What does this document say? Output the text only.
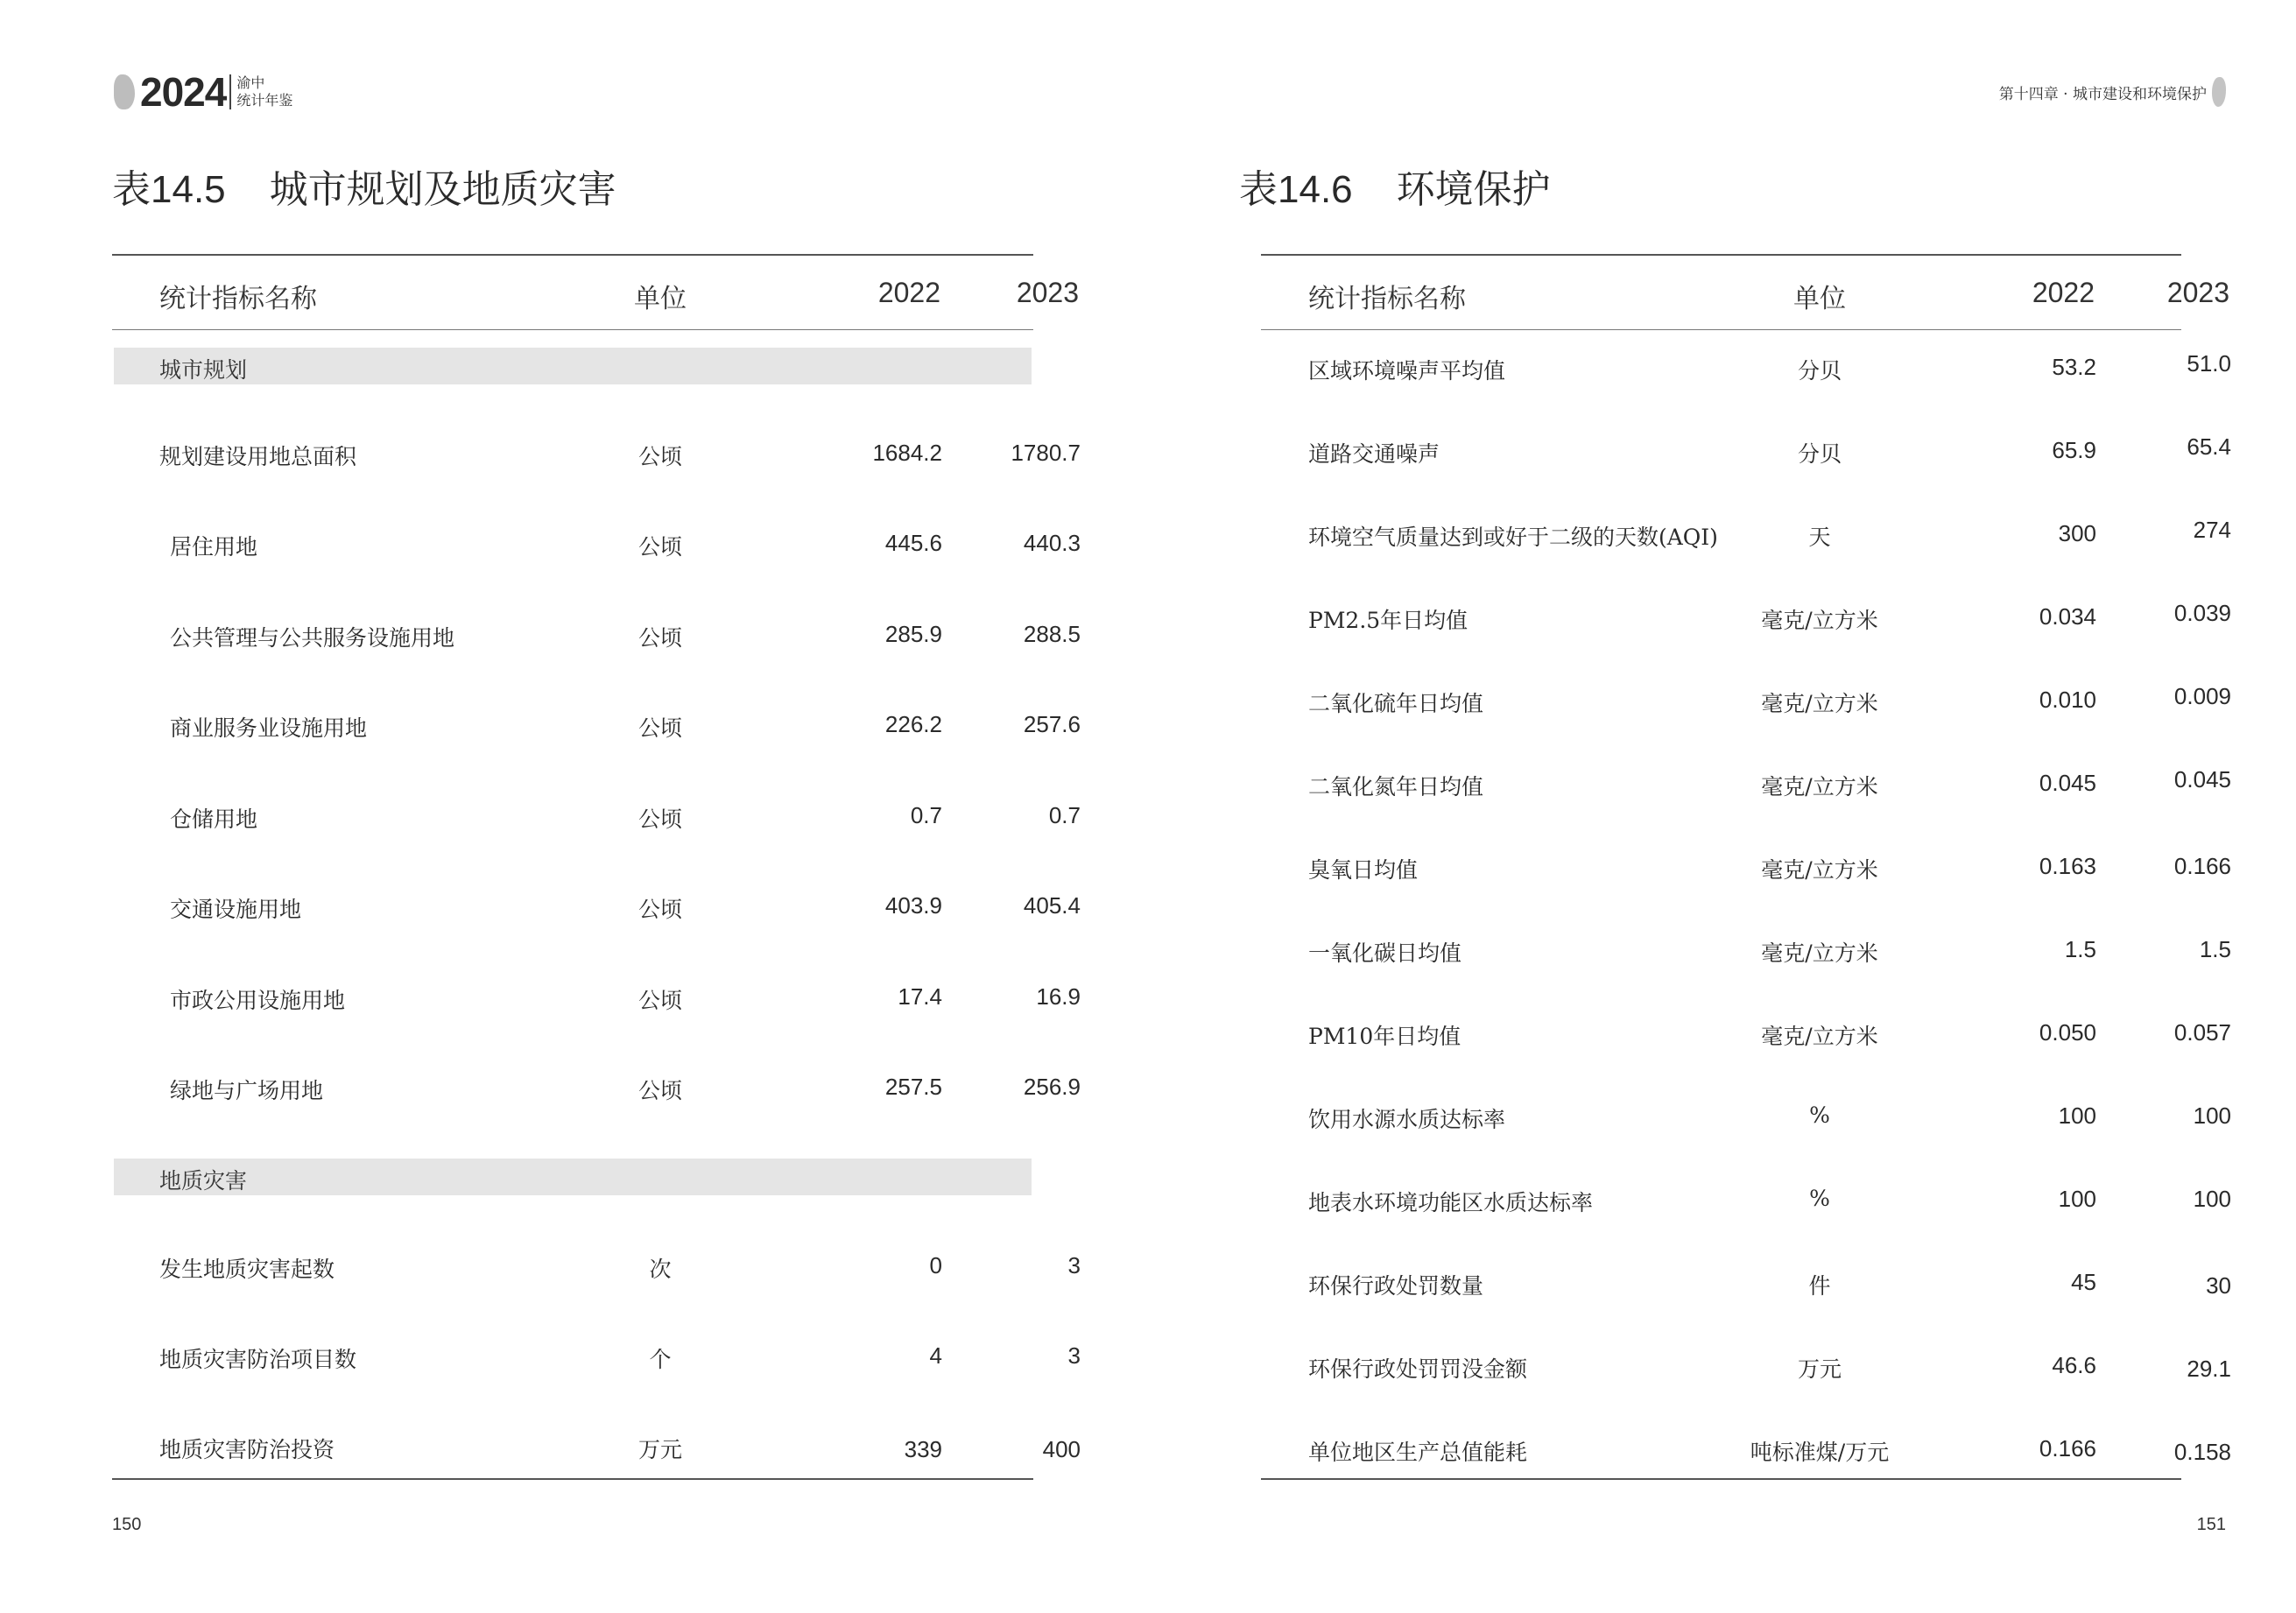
2024 渝中
统计年鉴
表14.5 城市规划及地质灾害
统计指标名称	单位	2022	2023
城市规划
规划建设用地总面积	公顷	1684.2	1780.7
居住用地	公顷	445.6	440.3
公共管理与公共服务设施用地	公顷	285.9	288.5
商业服务业设施用地	公顷	226.2	257.6
仓储用地	公顷	0.7	0.7
交通设施用地	公顷	403.9	405.4
市政公用设施用地	公顷	17.4	16.9
绿地与广场用地	公顷	257.5	256.9
地质灾害
发生地质灾害起数	次	0	3
地质灾害防治项目数	个	4	3
地质灾害防治投资	万元	339	400
150
第十四章 · 城市建设和环境保护
表14.6 环境保护
统计指标名称	单位	2022	2023
区域环境噪声平均值	分贝	53.2	51.0
道路交通噪声	分贝	65.9	65.4
环境空气质量达到或好于二级的天数(AQI)	天	300	274
PM2.5年日均值	毫克/立方米	0.034	0.039
二氧化硫年日均值	毫克/立方米	0.010	0.009
二氧化氮年日均值	毫克/立方米	0.045	0.045
臭氧日均值	毫克/立方米	0.163	0.166
一氧化碳日均值	毫克/立方米	1.5	1.5
PM10年日均值	毫克/立方米	0.050	0.057
饮用水源水质达标率	%	100	100
地表水环境功能区水质达标率	%	100	100
环保行政处罚数量	件	45	30
环保行政处罚罚没金额	万元	46.6	29.1
单位地区生产总值能耗	吨标准煤/万元	0.166	0.158
151
